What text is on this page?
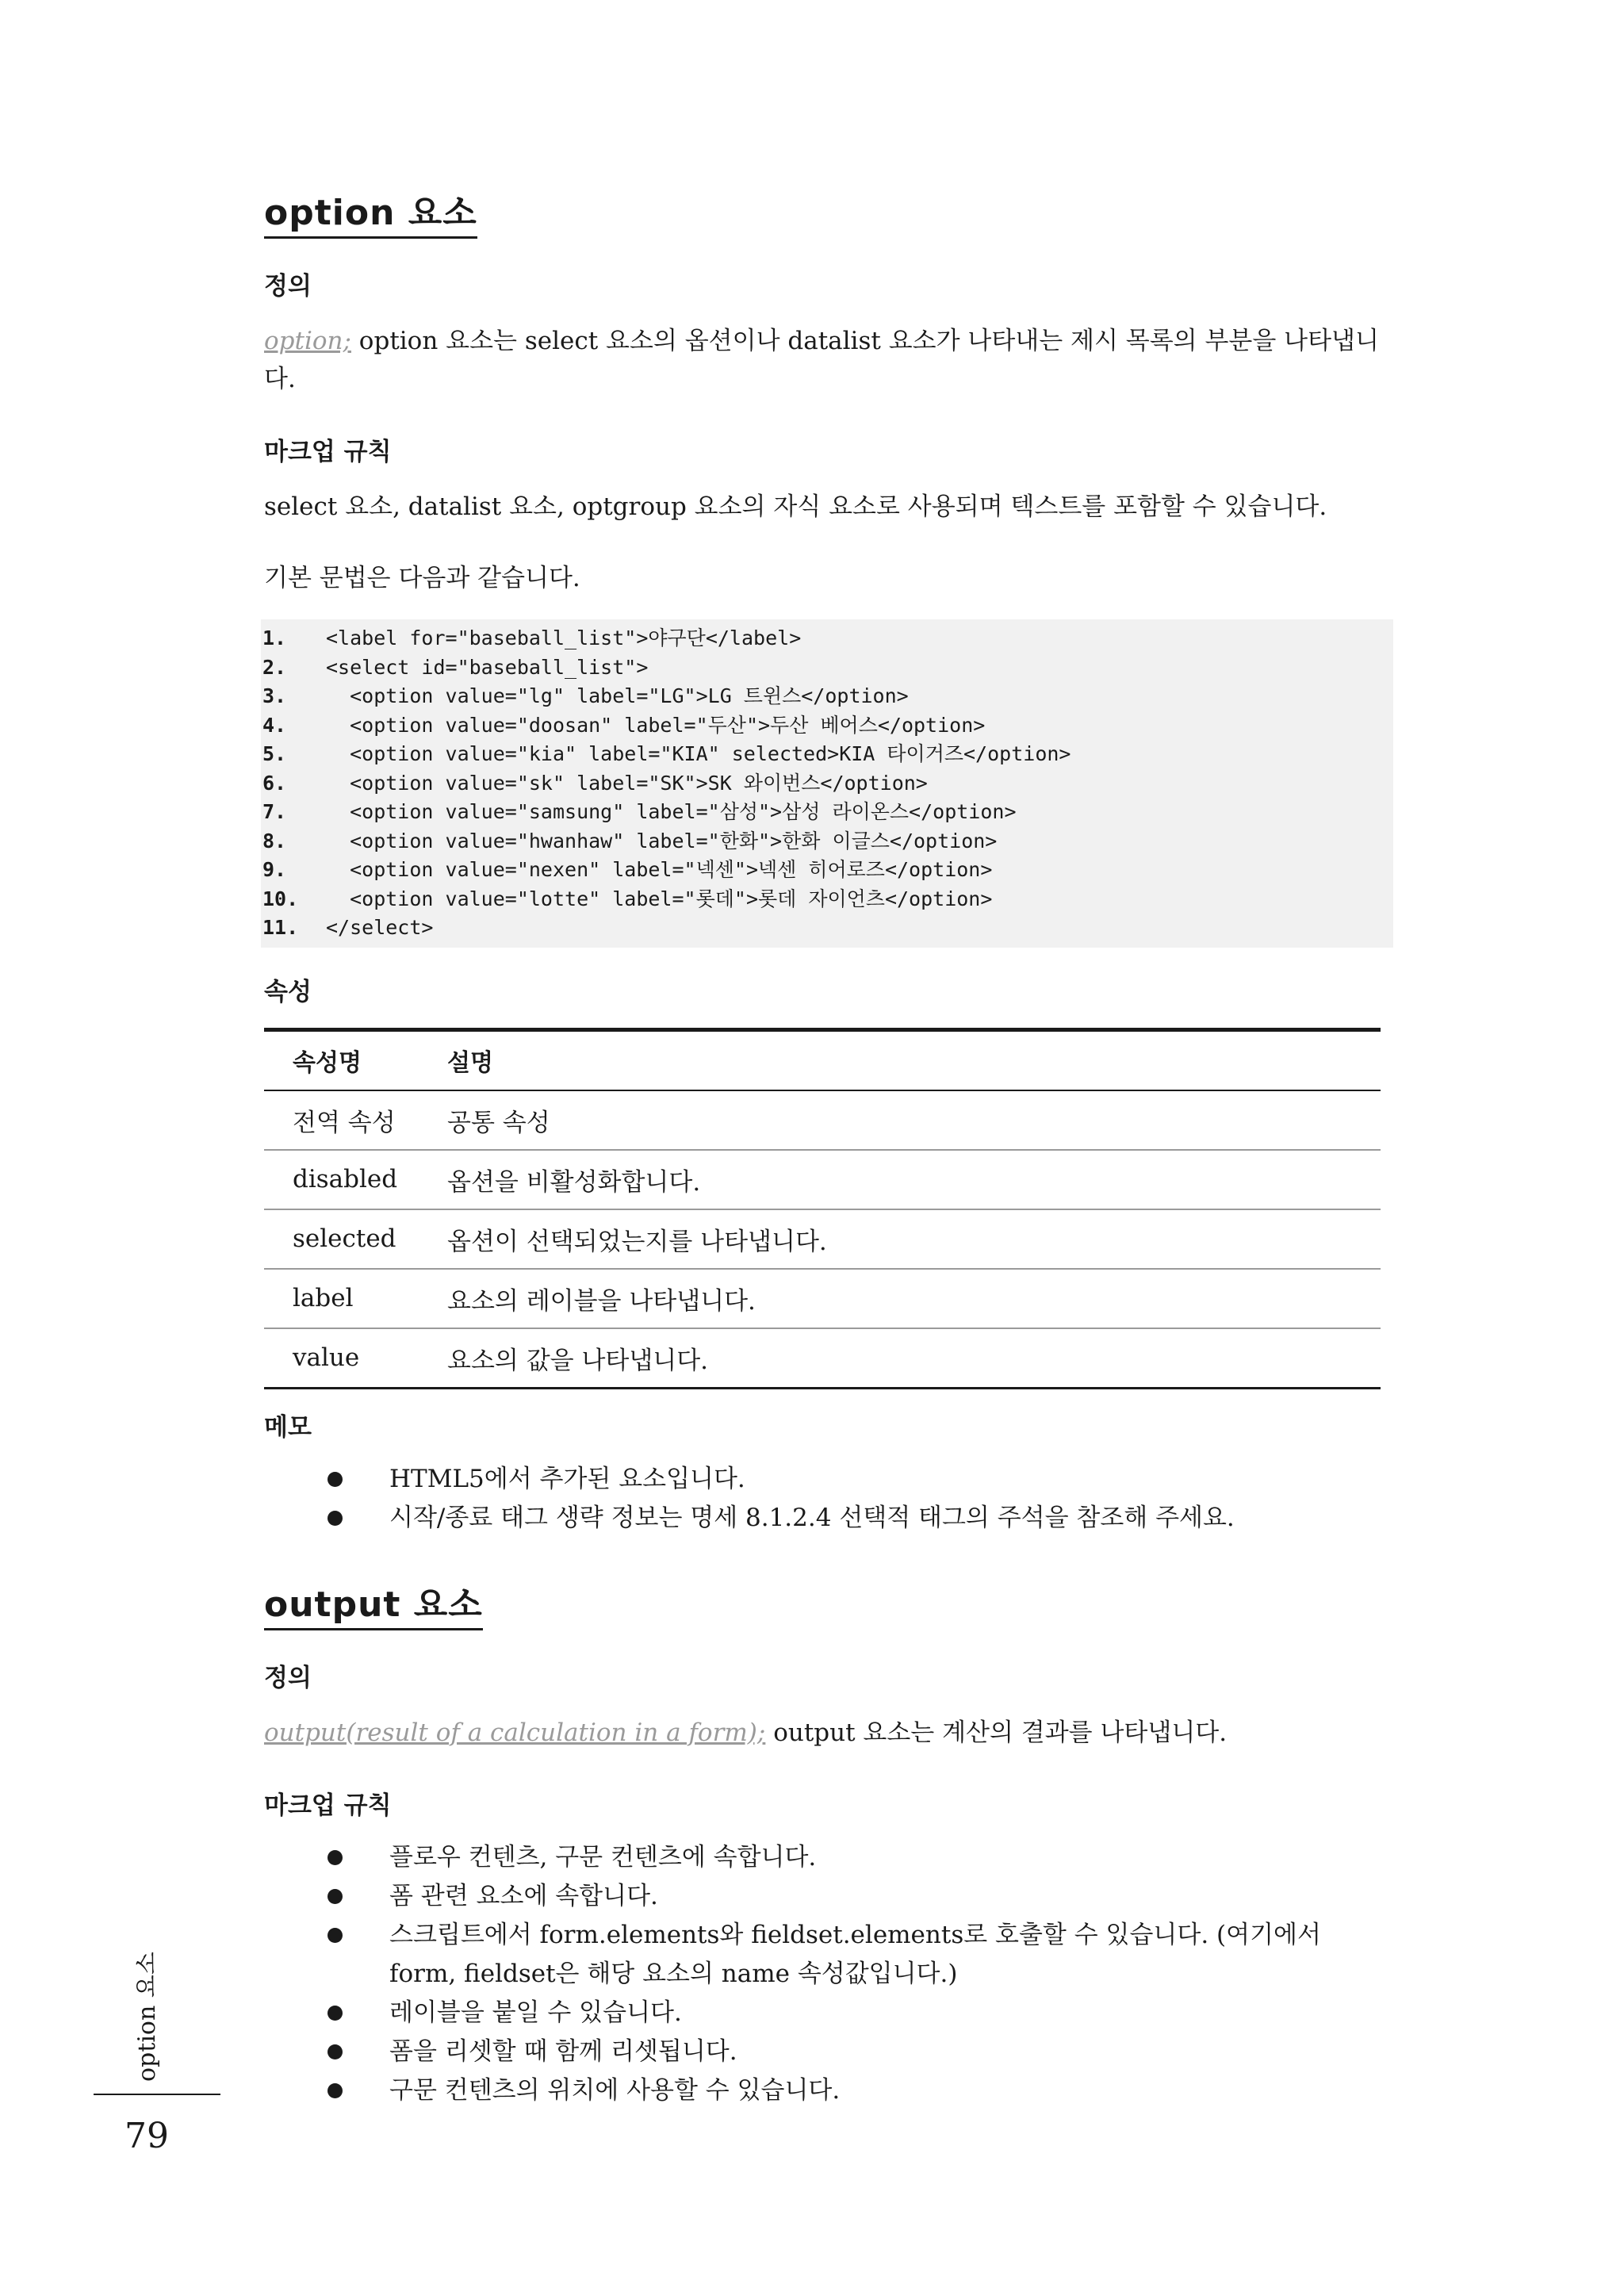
option 요소
정의

option; option 요소는 select 요소의 옵션이나 datalist 요소가 나타내는 제시 목록의 부분을 나타냅니다.

마크업 규칙

select 요소, datalist 요소, optgroup 요소의 자식 요소로 사용되며 텍스트를 포함할 수 있습니다.

기본 문법은 다음과 같습니다.

1.	<label for="baseball_list">야구단</label>
2.	<select id="baseball_list">
3.	<option value="lg" label="LG">LG 트윈스</option>
4.	<option value="doosan" label="두산">두산 베어스</option>
5.	<option value="kia" label="KIA" selected>KIA 타이거즈</option>
6.	<option value="sk" label="SK">SK 와이번스</option>
7.	<option value="samsung" label="삼성">삼성 라이온스</option>
8.	<option value="hwanhaw" label="한화">한화 이글스</option>
9.	<option value="nexen" label="넥센">넥센 히어로즈</option>
10.	<option value="lotte" label="롯데">롯데 자이언츠</option>
11.	</select>
속성
속성명	설명
전역 속성	공통 속성
disabled	옵션을 비활성화합니다.
selected	옵션이 선택되었는지를 나타냅니다.
label	요소의 레이블을 나타냅니다.
value	요소의 값을 나타냅니다.
메모
HTML5에서 추가된 요소입니다.
시작/종료 태그 생략 정보는 명세 8.1.2.4 선택적 태그의 주석을 참조해 주세요.
output 요소
정의

output(result of a calculation in a form); output 요소는 계산의 결과를 나타냅니다.

마크업 규칙
플로우 컨텐츠, 구문 컨텐츠에 속합니다.
폼 관련 요소에 속합니다.
스크립트에서 form.elements와 fieldset.elements로 호출할 수 있습니다. (여기에서 form, fieldset은 해당 요소의 name 속성값입니다.)
레이블을 붙일 수 있습니다.
폼을 리셋할 때 함께 리셋됩니다.
구문 컨텐츠의 위치에 사용할 수 있습니다.
option 요소
79
